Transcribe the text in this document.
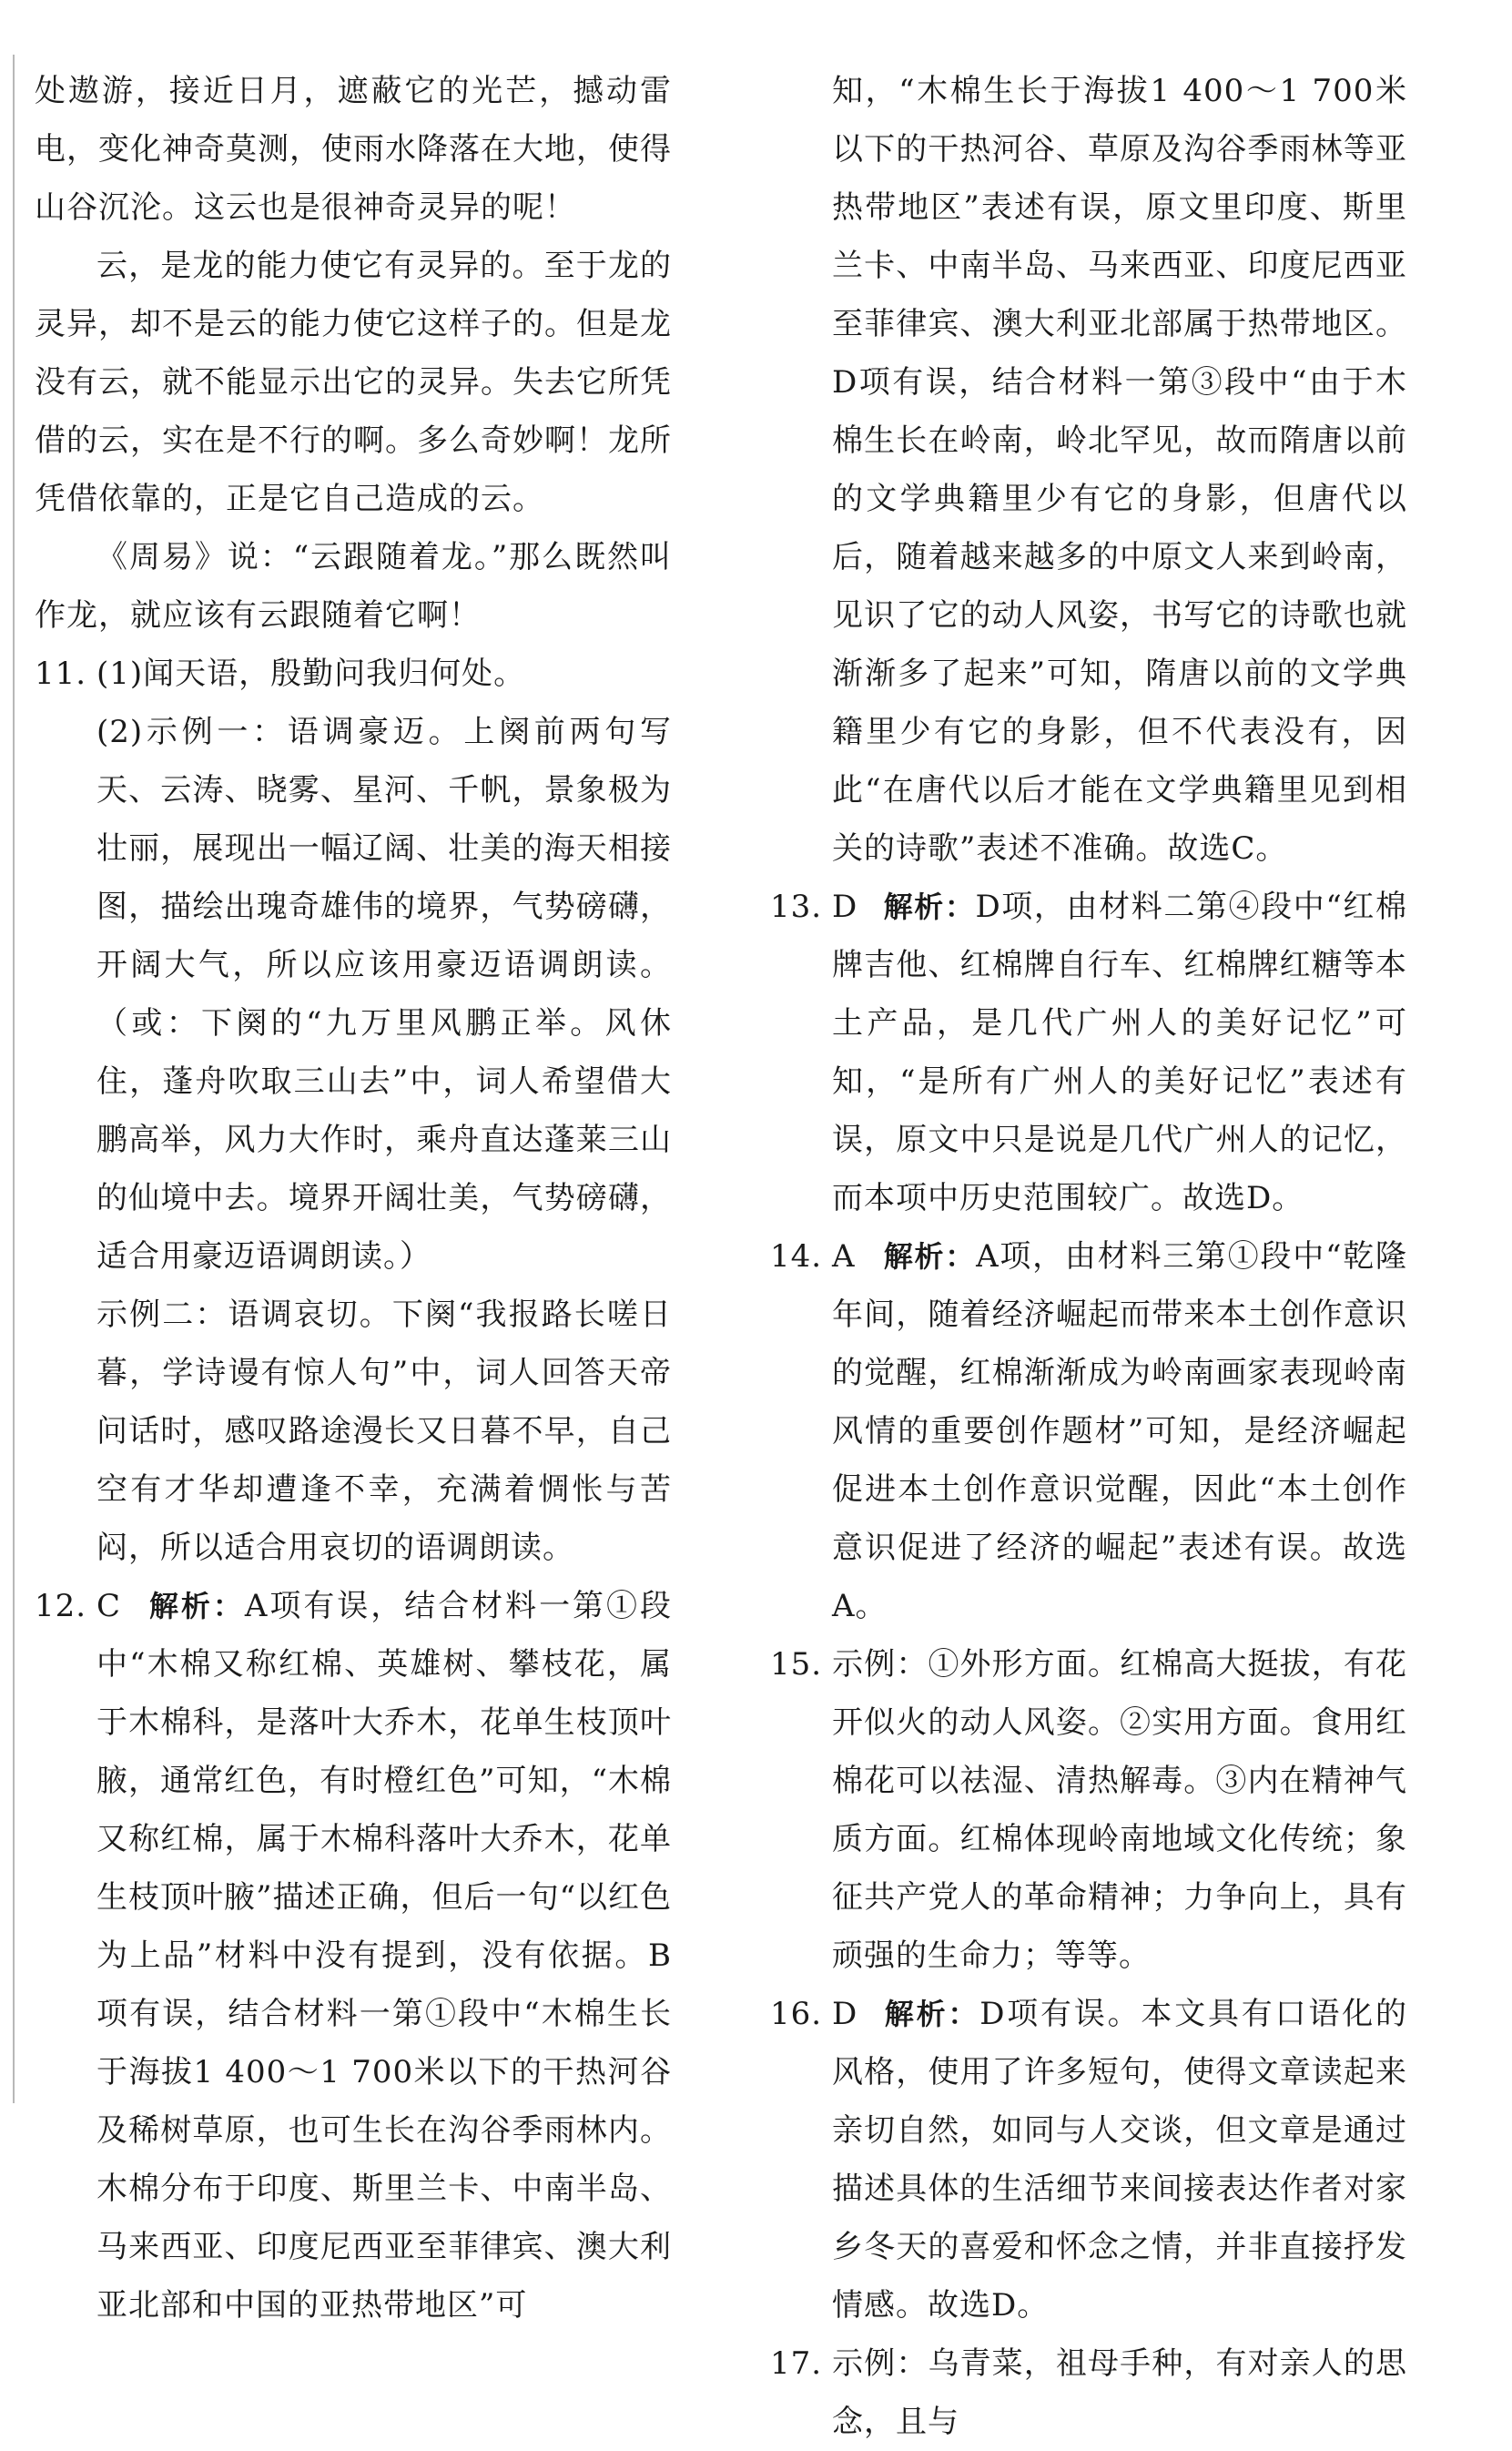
处遨游，接近日月，遮蔽它的光芒，撼动雷电，变化神奇莫测，使雨水降落在大地，使得山谷沉沦。这云也是很神奇灵异的呢！

云，是龙的能力使它有灵异的。至于龙的灵异，却不是云的能力使它这样子的。但是龙没有云，就不能显示出它的灵异。失去它所凭借的云，实在是不行的啊。多么奇妙啊！龙所凭借依靠的，正是它自己造成的云。

《周易》说：“云跟随着龙。”那么既然叫作龙，就应该有云跟随着它啊！

11. (1)闻天语，殷勤问我归何处。

(2)示例一：语调豪迈。上阕前两句写天、云涛、晓雾、星河、千帆，景象极为壮丽，展现出一幅辽阔、壮美的海天相接图，描绘出瑰奇雄伟的境界，气势磅礴，开阔大气，所以应该用豪迈语调朗读。（或：下阕的“九万里风鹏正举。风休住，蓬舟吹取三山去”中，词人希望借大鹏高举，风力大作时，乘舟直达蓬莱三山的仙境中去。境界开阔壮美，气势磅礴，适合用豪迈语调朗读。）

示例二：语调哀切。下阕“我报路长嗟日暮，学诗谩有惊人句”中，词人回答天帝问话时，感叹路途漫长又日暮不早，自己空有才华却遭逢不幸，充满着惆怅与苦闷，所以适合用哀切的语调朗读。

12. C 解析：A项有误，结合材料一第①段中“木棉又称红棉、英雄树、攀枝花，属于木棉科，是落叶大乔木，花单生枝顶叶腋，通常红色，有时橙红色”可知，“木棉又称红棉，属于木棉科落叶大乔木，花单生枝顶叶腋”描述正确，但后一句“以红色为上品”材料中没有提到，没有依据。B项有误，结合材料一第①段中“木棉生长于海拔1 400～1 700米以下的干热河谷及稀树草原，也可生长在沟谷季雨林内。木棉分布于印度、斯里兰卡、中南半岛、马来西亚、印度尼西亚至菲律宾、澳大利亚北部和中国的亚热带地区”可

知，“木棉生长于海拔1 400～1 700米以下的干热河谷、草原及沟谷季雨林等亚热带地区”表述有误，原文里印度、斯里兰卡、中南半岛、马来西亚、印度尼西亚至菲律宾、澳大利亚北部属于热带地区。D项有误，结合材料一第③段中“由于木棉生长在岭南，岭北罕见，故而隋唐以前的文学典籍里少有它的身影，但唐代以后，随着越来越多的中原文人来到岭南，见识了它的动人风姿，书写它的诗歌也就渐渐多了起来”可知，隋唐以前的文学典籍里少有它的身影，但不代表没有，因此“在唐代以后才能在文学典籍里见到相关的诗歌”表述不准确。故选C。

13. D 解析：D项，由材料二第④段中“红棉牌吉他、红棉牌自行车、红棉牌红糖等本土产品，是几代广州人的美好记忆”可知，“是所有广州人的美好记忆”表述有误，原文中只是说是几代广州人的记忆，而本项中历史范围较广。故选D。

14. A 解析：A项，由材料三第①段中“乾隆年间，随着经济崛起而带来本土创作意识的觉醒，红棉渐渐成为岭南画家表现岭南风情的重要创作题材”可知，是经济崛起促进本土创作意识觉醒，因此“本土创作意识促进了经济的崛起”表述有误。故选A。

15. 示例：①外形方面。红棉高大挺拔，有花开似火的动人风姿。②实用方面。食用红棉花可以祛湿、清热解毒。③内在精神气质方面。红棉体现岭南地域文化传统；象征共产党人的革命精神；力争向上，具有顽强的生命力；等等。

16. D 解析：D项有误。本文具有口语化的风格，使用了许多短句，使得文章读起来亲切自然，如同与人交谈，但文章是通过描述具体的生活细节来间接表达作者对家乡冬天的喜爱和怀念之情，并非直接抒发情感。故选D。

17. 示例：乌青菜，祖母手种，有对亲人的思念，且与
